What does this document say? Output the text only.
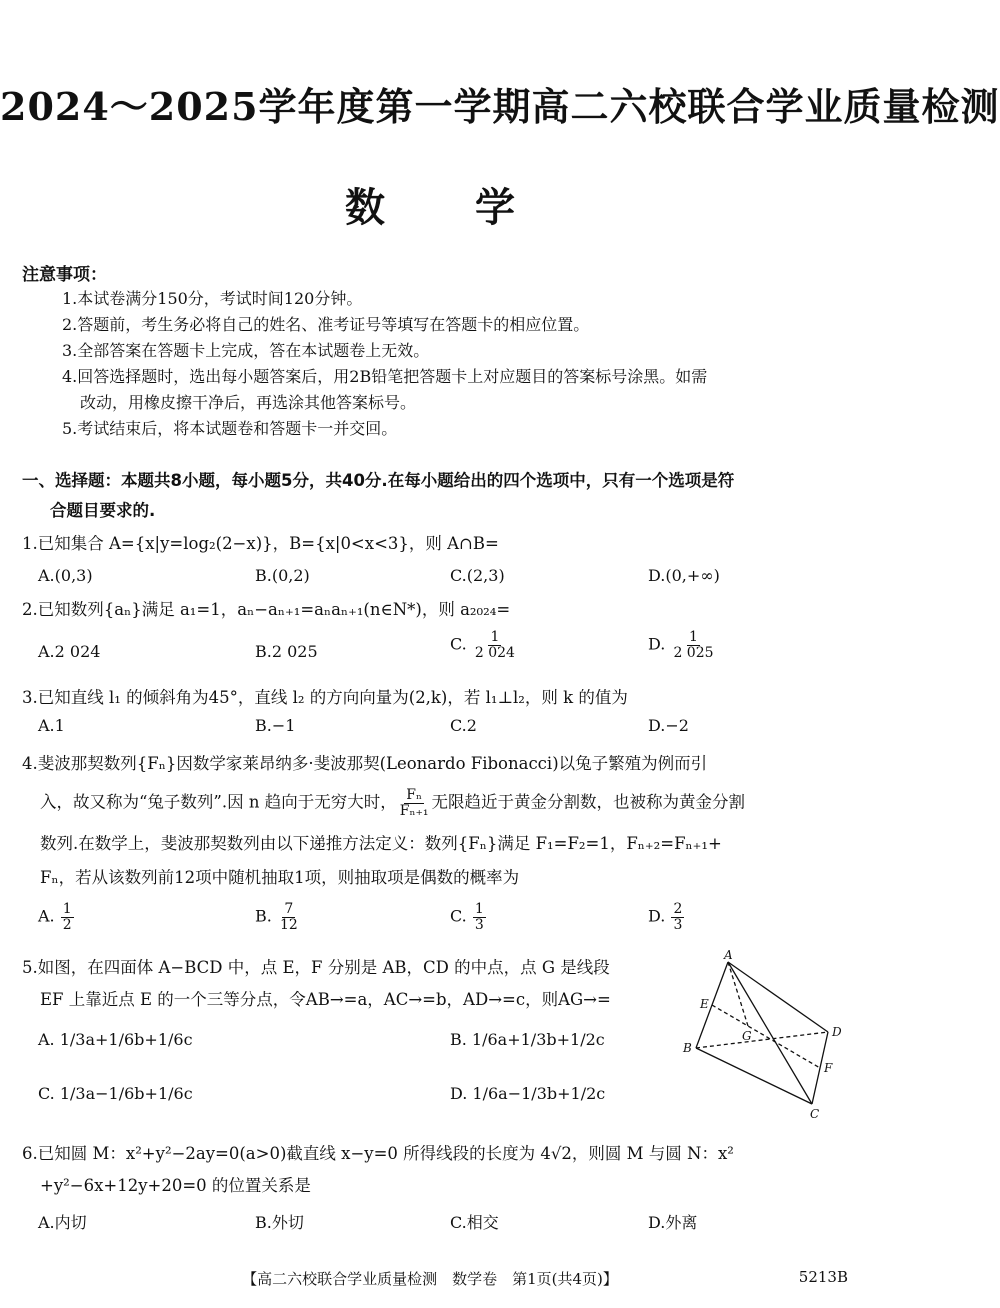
2024～2025学年度第一学期高二六校联合学业质量检测
数学
注意事项：
1.本试卷满分150分，考试时间120分钟。
2.答题前，考生务必将自己的姓名、准考证号等填写在答题卡的相应位置。
3.全部答案在答题卡上完成，答在本试题卷上无效。
4.回答选择题时，选出每小题答案后，用2B铅笔把答题卡上对应题目的答案标号涂黑。如需
改动，用橡皮擦干净后，再选涂其他答案标号。
5.考试结束后，将本试题卷和答题卡一并交回。
一、选择题：本题共8小题，每小题5分，共40分.在每小题给出的四个选项中，只有一个选项是符
合题目要求的.
1.已知集合 A={x|y=log₂(2−x)}，B={x|0<x<3}，则 A∩B=
A.(0,3)	B.(0,2)	C.(2,3)	D.(0,+∞)
2.已知数列{aₙ}满足 a₁=1，aₙ−aₙ₊₁=aₙaₙ₊₁(n∈N*)，则 a₂₀₂₄=
A.2 024	B.2 025	C. $\frac{1}{2 024}$	D. $\frac{1}{2 025}$
3.已知直线 l₁ 的倾斜角为45°，直线 l₂ 的方向向量为(2,k)，若 l₁⊥l₂，则 k 的值为
A.1	B.−1	C.2	D.−2
4.斐波那契数列{Fₙ}因数学家莱昂纳多·斐波那契(Leonardo Fibonacci)以兔子繁殖为例而引
入，故又称为“兔子数列”.因 n 趋向于无穷大时， $\frac{\text{Fₙ}}{\text{Fₙ₊₁}}$ 无限趋近于黄金分割数，也被称为黄金分割
数列.在数学上，斐波那契数列由以下递推方法定义：数列{Fₙ}满足 F₁=F₂=1，Fₙ₊₂=Fₙ₊₁+
Fₙ，若从该数列前12项中随机抽取1项，则抽取项是偶数的概率为
A. $\frac{1}{2}$	B. $\frac{7}{12}$	C. $\frac{1}{3}$	D. $\frac{2}{3}$
5.如图，在四面体 A−BCD 中，点 E，F 分别是 AB，CD 的中点，点 G 是线段
EF 上靠近点 E 的一个三等分点，令AB→=a，AC→=b，AD→=c，则AG→=
A. 1/3a+1/6b+1/6c	B. 1/6a+1/3b+1/2c
C. 1/3a−1/6b+1/6c	D. 1/6a−1/3b+1/2c
A
E
G	D
B
F
C
6.已知圆 M：x²+y²−2ay=0(a>0)截直线 x−y=0 所得线段的长度为 4√2，则圆 M 与圆 N：x²
+y²−6x+12y+20=0 的位置关系是
A.内切	B.外切	C.相交	D.外离
【高二六校联合学业质量检测　数学卷　第1页(共4页)】	5213B
